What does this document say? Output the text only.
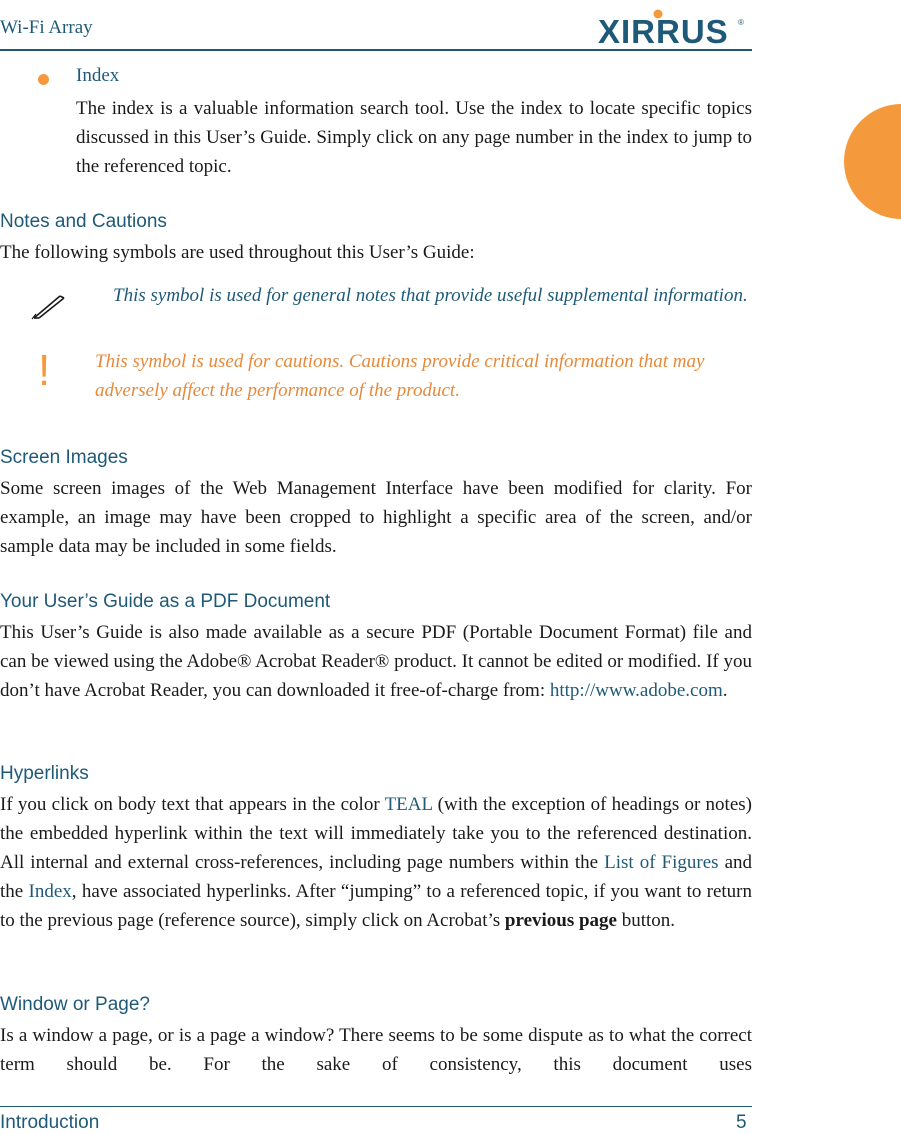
Wi-Fi Array	XIRRUS ®
Index
The index is a valuable information search tool. Use the index to locate specific topics discussed in this User’s Guide. Simply click on any page number in the index to jump to the referenced topic.
Notes and Cautions
The following symbols are used throughout this User’s Guide:
This symbol is used for general notes that provide useful supplemental information.
! This symbol is used for cautions. Cautions provide critical information that may adversely affect the performance of the product.
Screen Images
Some screen images of the Web Management Interface have been modified for clarity. For example, an image may have been cropped to highlight a specific area of the screen, and/or sample data may be included in some fields.
Your User’s Guide as a PDF Document
This User’s Guide is also made available as a secure PDF (Portable Document Format) file and can be viewed using the Adobe® Acrobat Reader® product. It cannot be edited or modified. If you don’t have Acrobat Reader, you can downloaded it free-of-charge from: http://www.adobe.com.
Hyperlinks
If you click on body text that appears in the color TEAL (with the exception of headings or notes) the embedded hyperlink within the text will immediately take you to the referenced destination. All internal and external cross-references, including page numbers within the List of Figures and the Index, have associated hyperlinks. After “jumping” to a referenced topic, if you want to return to the previous page (reference source), simply click on Acrobat’s previous page button.
Window or Page?
Is a window a page, or is a page a window? There seems to be some dispute as to what the correct term should be. For the sake of consistency, this document uses
Introduction	5
